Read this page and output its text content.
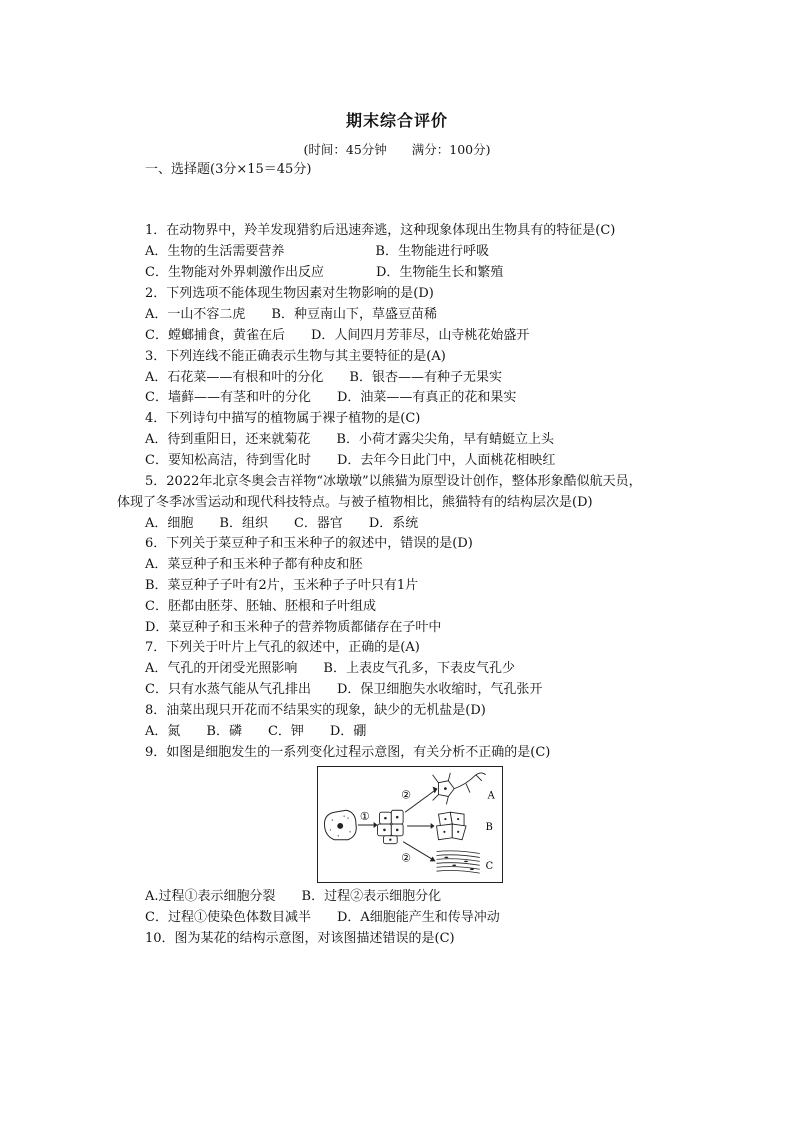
期末综合评价
(时间：45分钟　　满分：100分)
一、选择题(3分×15＝45分)
1．在动物界中，羚羊发现猎豹后迅速奔逃，这种现象体现出生物具有的特征是(C)
A．生物的生活需要营养　　　　　　　B．生物能进行呼吸
C．生物能对外界刺激作出反应　　　　D．生物能生长和繁殖
2．下列选项不能体现生物因素对生物影响的是(D)
A．一山不容二虎　　B．种豆南山下，草盛豆苗稀
C．螳螂捕食，黄雀在后　　D．人间四月芳菲尽，山寺桃花始盛开
3．下列连线不能正确表示生物与其主要特征的是(A)
A．石花菜——有根和叶的分化　　B．银杏——有种子无果实
C．墙藓——有茎和叶的分化　　D．油菜——有真正的花和果实
4．下列诗句中描写的植物属于裸子植物的是(C)
A．待到重阳日，还来就菊花　　B．小荷才露尖尖角，早有蜻蜓立上头
C．要知松高洁，待到雪化时　　D．去年今日此门中，人面桃花相映红
5．2022年北京冬奥会吉祥物“冰墩墩”以熊猫为原型设计创作，整体形象酷似航天员，
体现了冬季冰雪运动和现代科技特点。与被子植物相比，熊猫特有的结构层次是(D)
A．细胞　　B．组织　　C．器官　　D．系统
6．下列关于菜豆种子和玉米种子的叙述中，错误的是(D)
A．菜豆种子和玉米种子都有种皮和胚
B．菜豆种子子叶有2片，玉米种子子叶只有1片
C．胚都由胚芽、胚轴、胚根和子叶组成
D．菜豆种子和玉米种子的营养物质都储存在子叶中
7．下列关于叶片上气孔的叙述中，正确的是(A)
A．气孔的开闭受光照影响　　B．上表皮气孔多，下表皮气孔少
C．只有水蒸气能从气孔排出　　D．保卫细胞失水收缩时，气孔张开
8．油菜出现只开花而不结果实的现象，缺少的无机盐是(D)
A．氮　　B．磷　　C．钾　　D．硼
9．如图是细胞发生的一系列变化过程示意图，有关分析不正确的是(C)
①
②	A
B
②
C
A.过程①表示细胞分裂　　B．过程②表示细胞分化
C．过程①使染色体数目减半　　D．A细胞能产生和传导冲动
10．图为某花的结构示意图，对该图描述错误的是(C)
